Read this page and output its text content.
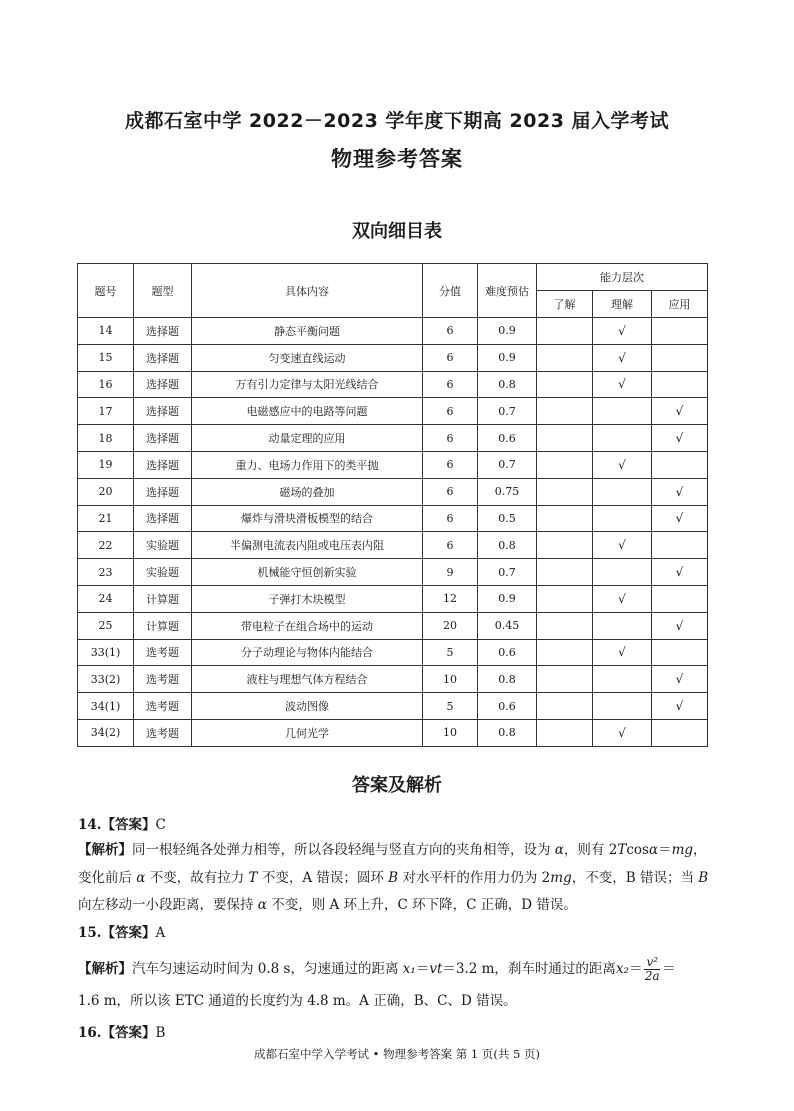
成都石室中学 2022－2023 学年度下期高 2023 届入学考试
物理参考答案
双向细目表
题号	题型	具体内容	分值	难度预估	能力层次		
					了解	理解	应用
14	选择题	静态平衡问题	6	0.9		√	
15	选择题	匀变速直线运动	6	0.9		√	
16	选择题	万有引力定律与太阳光线结合	6	0.8		√	
17	选择题	电磁感应中的电路等问题	6	0.7			√
18	选择题	动量定理的应用	6	0.6			√
19	选择题	重力、电场力作用下的类平抛	6	0.7		√	
20	选择题	磁场的叠加	6	0.75			√
21	选择题	爆炸与滑块滑板模型的结合	6	0.5			√
22	实验题	半偏测电流表内阻或电压表内阻	6	0.8		√	
23	实验题	机械能守恒创新实验	9	0.7			√
24	计算题	子弹打木块模型	12	0.9		√	
25	计算题	带电粒子在组合场中的运动	20	0.45			√
33(1)	选考题	分子动理论与物体内能结合	5	0.6		√	
33(2)	选考题	液柱与理想气体方程结合	10	0.8			√
34(1)	选考题	波动图像	5	0.6			√
34(2)	选考题	几何光学	10	0.8		√	
答案及解析
14.【答案】C
【解析】同一根轻绳各处弹力相等，所以各段轻绳与竖直方向的夹角相等，设为 α，则有 2Tcosα＝mg，变化前后 α 不变，故有拉力 T 不变，A 错误；圆环 B 对水平杆的作用力仍为 2mg，不变，B 错误；当 B 向左移动一小段距离，要保持 α 不变，则 A 环上升，C 环下降，C 正确，D 错误。
15.【答案】A
【解析】汽车匀速运动时间为 0.8 s，匀速通过的距离 x₁＝vt＝3.2 m，刹车时通过的距离$x_2= \frac{\text{v²}}{2a}$ ＝
1.6 m，所以该 ETC 通道的长度约为 4.8 m。A 正确，B、C、D 错误。
16.【答案】B
成都石室中学入学考试 • 物理参考答案 第 1 页(共 5 页)
